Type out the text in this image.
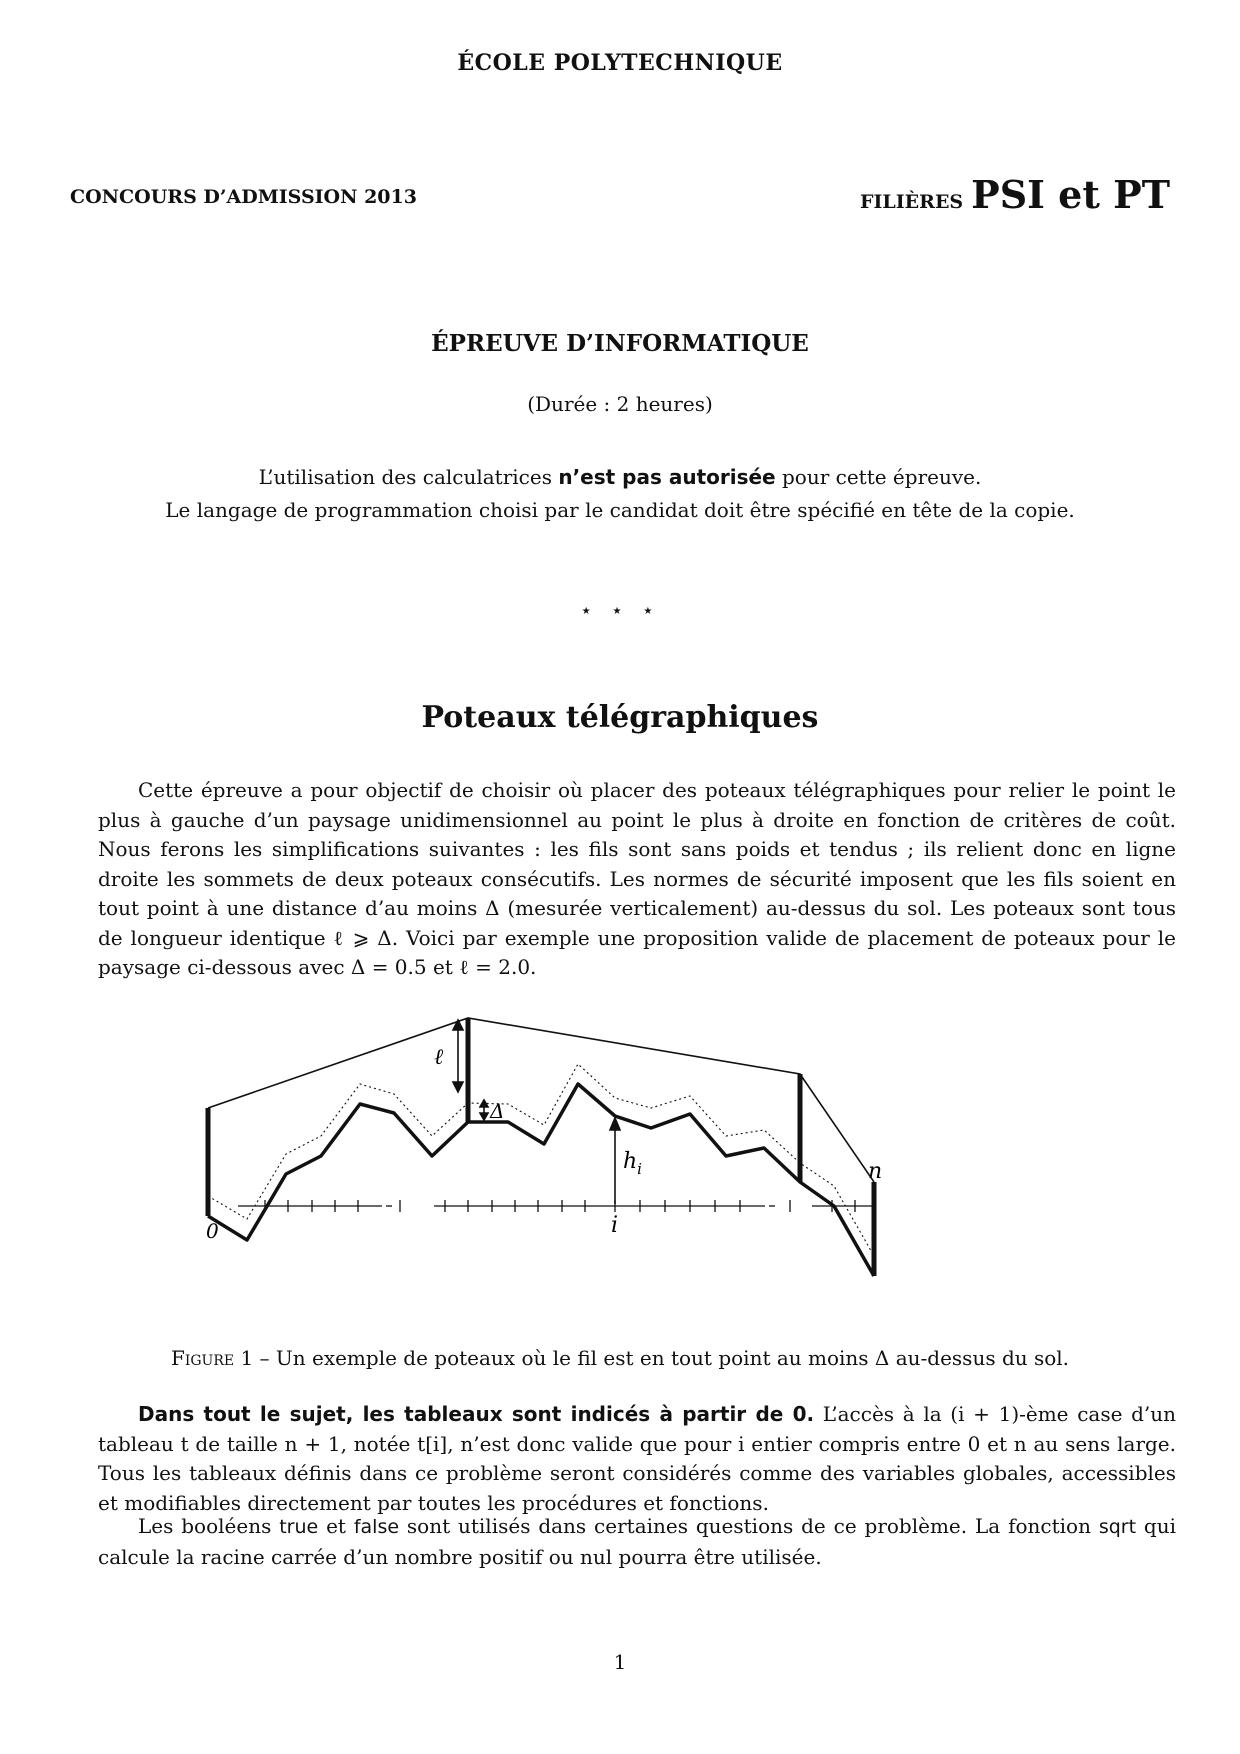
ÉCOLE POLYTECHNIQUE
CONCOURS D’ADMISSION 2013	FILIÈRES PSI et PT
ÉPREUVE D’INFORMATIQUE
(Durée : 2 heures)
L’utilisation des calculatrices n’est pas autorisée pour cette épreuve.
Le langage de programmation choisi par le candidat doit être spécifié en tête de la copie.
⋆ ⋆ ⋆
Poteaux télégraphiques
Cette épreuve a pour objectif de choisir où placer des poteaux télégraphiques pour relier le point le plus à gauche d’un paysage unidimensionnel au point le plus à droite en fonction de critères de coût. Nous ferons les simplifications suivantes : les fils sont sans poids et tendus ; ils relient donc en ligne droite les sommets de deux poteaux consécutifs. Les normes de sécurité imposent que les fils soient en tout point à une distance d’au moins Δ (mesurée verticalement) au-dessus du sol. Les poteaux sont tous de longueur identique ℓ ⩾ Δ. Voici par exemple une proposition valide de placement de poteaux pour le paysage ci-dessous avec Δ = 0.5 et ℓ = 2.0.
ℓ
Δ
$h_i$
i
0
n
Figure 1 – Un exemple de poteaux où le fil est en tout point au moins Δ au-dessus du sol.
Dans tout le sujet, les tableaux sont indicés à partir de 0. L’accès à la (i + 1)-ème case d’un tableau t de taille n + 1, notée t[i], n’est donc valide que pour i entier compris entre 0 et n au sens large. Tous les tableaux définis dans ce problème seront considérés comme des variables globales, accessibles et modifiables directement par toutes les procédures et fonctions.
Les booléens true et false sont utilisés dans certaines questions de ce problème. La fonction sqrt qui calcule la racine carrée d’un nombre positif ou nul pourra être utilisée.
1
